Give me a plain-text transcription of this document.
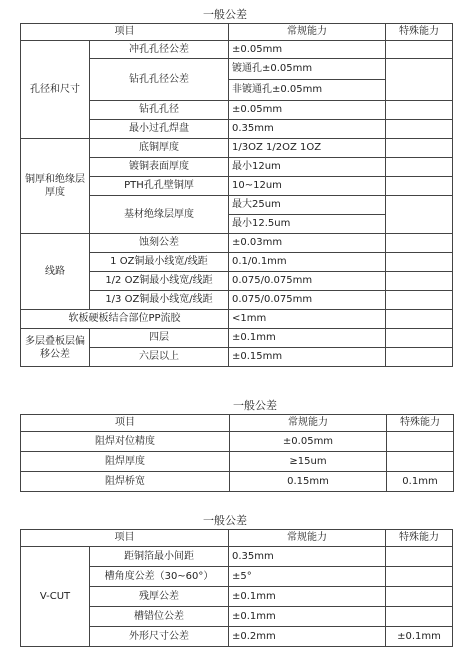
一般公差
项目		常规能力	特殊能力
孔径和尺寸	冲孔孔径公差	±0.05mm	
	钻孔孔径公差	镀通孔±0.05mm	
		非镀通孔±0.05mm	
	钻孔孔径	±0.05mm	
	最小过孔焊盘	0.35mm	
铜厚和绝缘层厚度	底铜厚度	1/3OZ 1/2OZ 1OZ	
	镀铜表面厚度	最小12um	
	PTH孔孔壁铜厚	10~12um	
	基材绝缘层厚度	最大25um	
		最小12.5um	
线路	蚀刻公差	±0.03mm	
	1 OZ铜最小线宽/线距	0.1/0.1mm	
	1/2 OZ铜最小线宽/线距	0.075/0.075mm	
	1/3 OZ铜最小线宽/线距	0.075/0.075mm	
软板硬板结合部位PP流胶		<1mm	
多层叠板层偏移公差	四层	±0.1mm	
	六层以上	±0.15mm	
一般公差
项目	常规能力	特殊能力
阻焊对位精度	±0.05mm	
阻焊厚度	≥15um	
阻焊桥宽	0.15mm	0.1mm
一般公差
项目		常规能力	特殊能力
V-CUT	距铜箔最小间距	0.35mm	
	槽角度公差（30~60°）	±5°	
	残厚公差	±0.1mm	
	槽错位公差	±0.1mm	
	外形尺寸公差	±0.2mm	±0.1mm
